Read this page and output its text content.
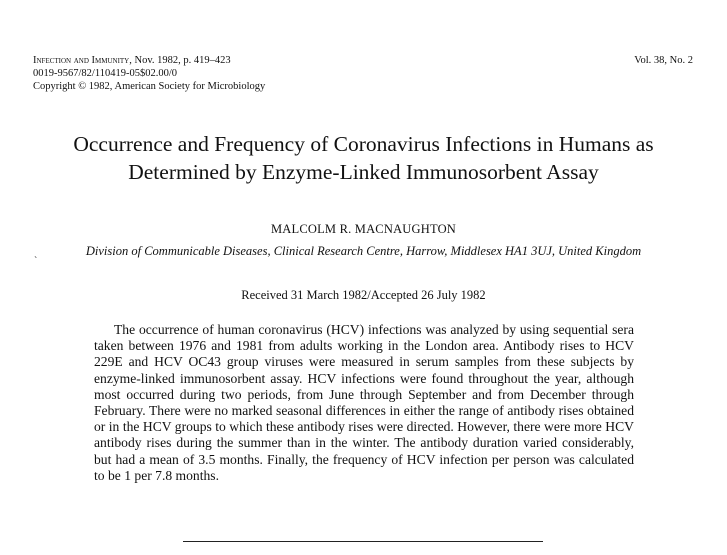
Infection and Immunity, Nov. 1982, p. 419–423
0019-9567/82/110419-05$02.00/0
Copyright © 1982, American Society for Microbiology
Vol. 38, No. 2
Occurrence and Frequency of Coronavirus Infections in Humans as Determined by Enzyme-Linked Immunosorbent Assay
MALCOLM R. MACNAUGHTON
Division of Communicable Diseases, Clinical Research Centre, Harrow, Middlesex HA1 3UJ, United Kingdom
`
Received 31 March 1982/Accepted 26 July 1982

The occurrence of human coronavirus (HCV) infections was analyzed by using sequential sera taken between 1976 and 1981 from adults working in the London area. Antibody rises to HCV 229E and HCV OC43 group viruses were measured in serum samples from these subjects by enzyme-linked immunosorbent assay. HCV infections were found throughout the year, although most occurred during two periods, from June through September and from December through February. There were no marked seasonal differences in either the range of antibody rises obtained or in the HCV groups to which these antibody rises were directed. However, there were more HCV antibody rises during the summer than in the winter. The antibody duration varied considerably, but had a mean of 3.5 months. Finally, the frequency of HCV infection per person was calculated to be 1 per 7.8 months.
